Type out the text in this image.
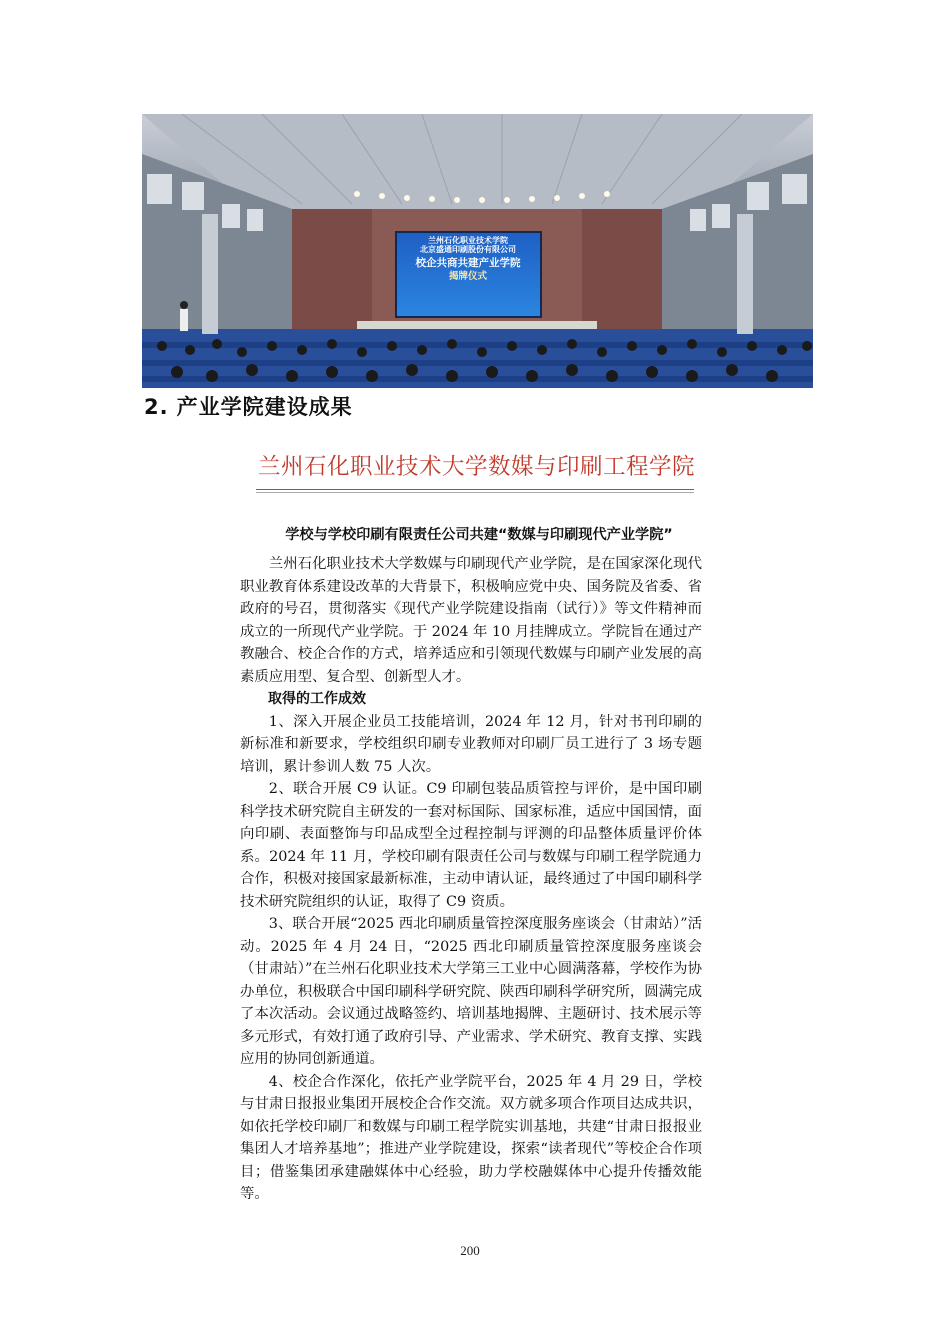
兰州石化职业技术学院
北京盛通印刷股份有限公司
校企共商共建产业学院
揭牌仪式
2. 产业学院建设成果
兰州石化职业技术大学数媒与印刷工程学院
学校与学校印刷有限责任公司共建“数媒与印刷现代产业学院”

兰州石化职业技术大学数媒与印刷现代产业学院，是在国家深化现代职业教育体系建设改革的大背景下，积极响应党中央、国务院及省委、省政府的号召，贯彻落实《现代产业学院建设指南（试行）》等文件精神而成立的一所现代产业学院。于 2024 年 10 月挂牌成立。学院旨在通过产教融合、校企合作的方式，培养适应和引领现代数媒与印刷产业发展的高素质应用型、复合型、创新型人才。

取得的工作成效

1、深入开展企业员工技能培训，2024 年 12 月，针对书刊印刷的新标准和新要求，学校组织印刷专业教师对印刷厂员工进行了 3 场专题培训，累计参训人数 75 人次。

2、联合开展 C9 认证。C9 印刷包装品质管控与评价，是中国印刷科学技术研究院自主研发的一套对标国际、国家标准，适应中国国情，面向印刷、表面整饰与印品成型全过程控制与评测的印品整体质量评价体系。2024 年 11 月，学校印刷有限责任公司与数媒与印刷工程学院通力合作，积极对接国家最新标准，主动申请认证，最终通过了中国印刷科学技术研究院组织的认证，取得了 C9 资质。

3、联合开展“2025 西北印刷质量管控深度服务座谈会（甘肃站）”活动。2025 年 4 月 24 日，“2025 西北印刷质量管控深度服务座谈会（甘肃站）”在兰州石化职业技术大学第三工业中心圆满落幕，学校作为协办单位，积极联合中国印刷科学研究院、陕西印刷科学研究所，圆满完成了本次活动。会议通过战略签约、培训基地揭牌、主题研讨、技术展示等多元形式，有效打通了政府引导、产业需求、学术研究、教育支撑、实践应用的协同创新通道。

4、校企合作深化，依托产业学院平台，2025 年 4 月 29 日，学校与甘肃日报报业集团开展校企合作交流。双方就多项合作项目达成共识，如依托学校印刷厂和数媒与印刷工程学院实训基地，共建“甘肃日报报业集团人才培养基地”；推进产业学院建设，探索“读者现代”等校企合作项目；借鉴集团承建融媒体中心经验，助力学校融媒体中心提升传播效能等。

200
